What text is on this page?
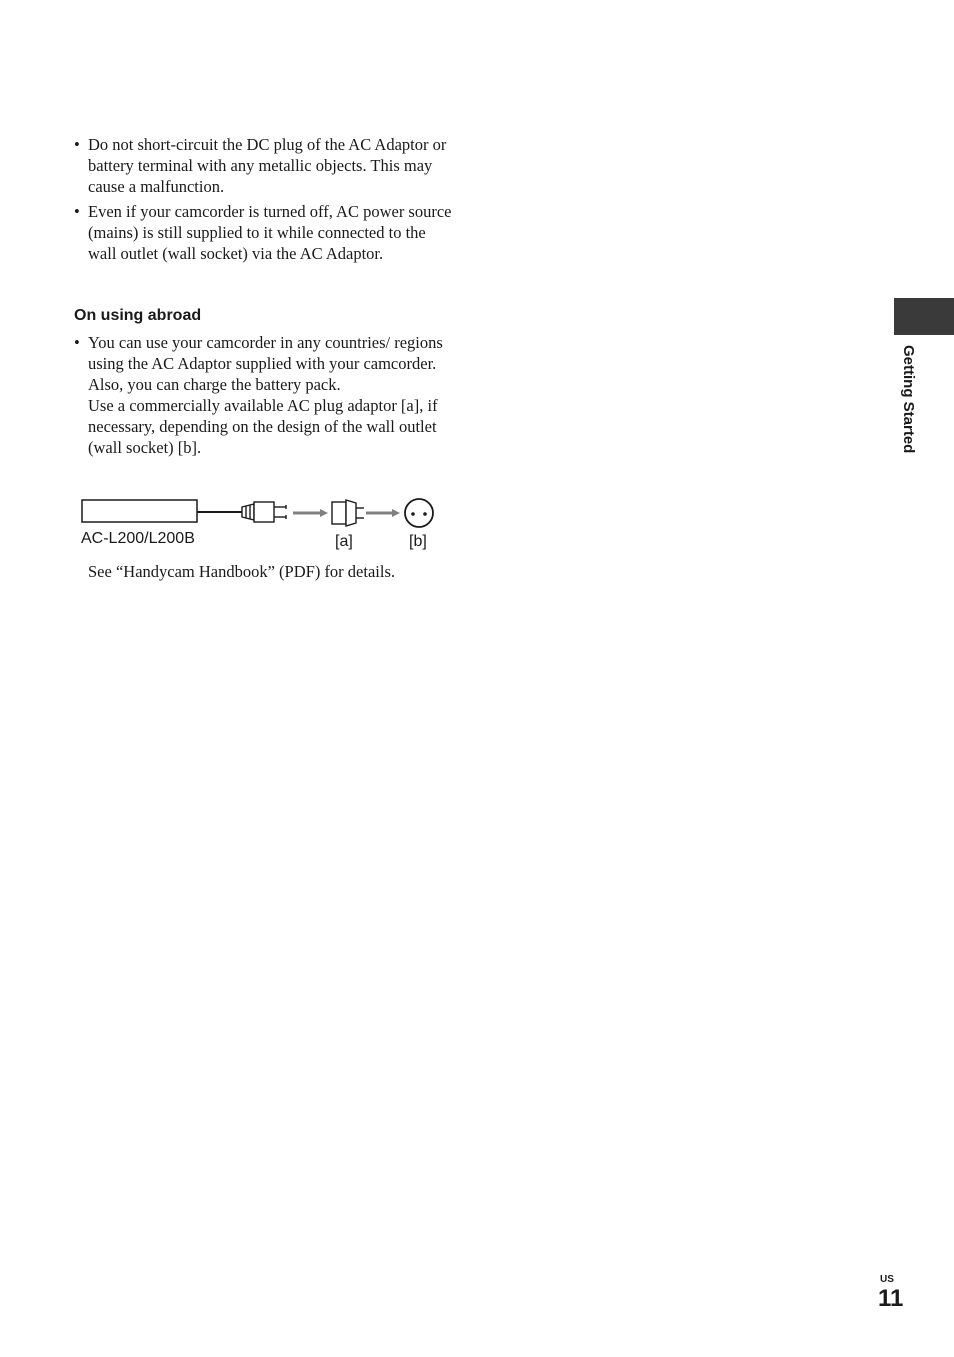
• Do not short-circuit the DC plug of the AC Adaptor or battery terminal with any metallic objects. This may cause a malfunction.

• Even if your camcorder is turned off, AC power source (mains) is still supplied to it while connected to the wall outlet (wall socket) via the AC Adaptor.

On using abroad
• You can use your camcorder in any countries/ regions using the AC Adaptor supplied with your camcorder. Also, you can charge the battery pack.

Use a commercially available AC plug adaptor [a], if necessary, depending on the design of the wall outlet (wall socket) [b].

AC-L200/L200B	[a]	[b]

See “Handycam Handbook” (PDF) for details.

Getting Started
US
11
